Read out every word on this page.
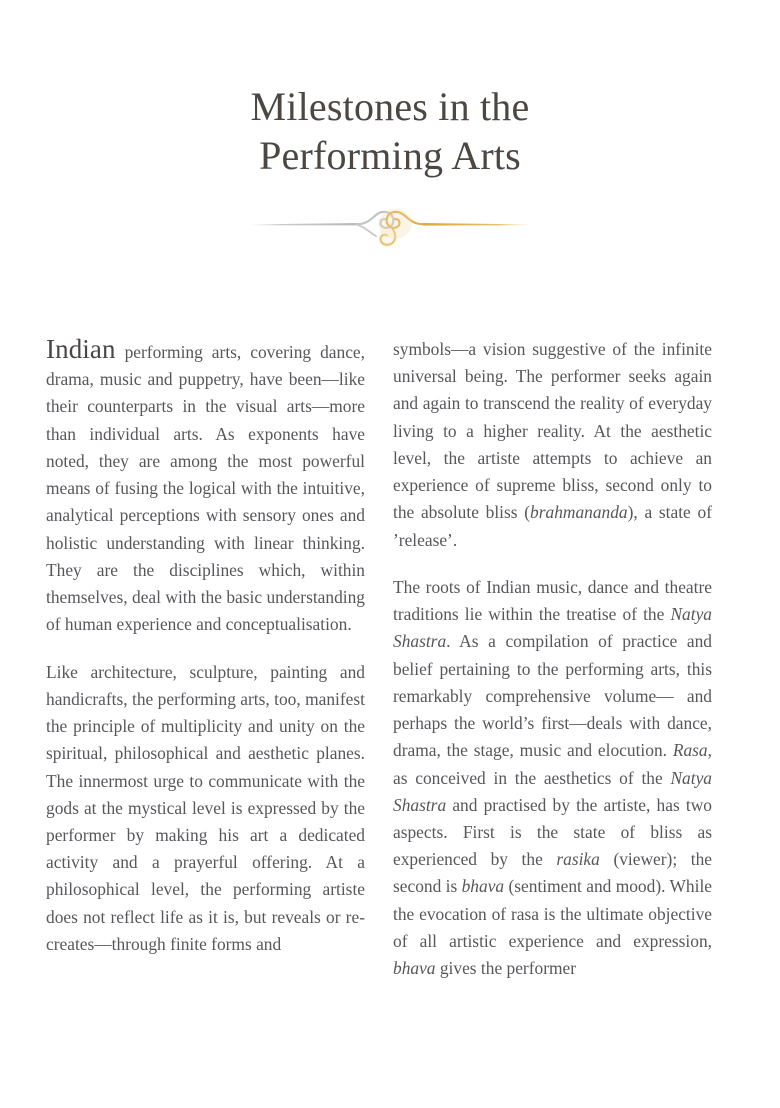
Milestones in the
Performing Arts

Indian performing arts, covering dance, drama, music and puppetry, have been—like their counterparts in the visual arts—more than individual arts. As exponents have noted, they are among the most powerful means of fusing the logical with the intuitive, analytical perceptions with sensory ones and holistic understanding with linear thinking. They are the disciplines which, within themselves, deal with the basic understanding of human experience and conceptualisation.

Like architecture, sculpture, painting and handicrafts, the performing arts, too, manifest the principle of multiplicity and unity on the spiritual, philosophical and aesthetic planes. The innermost urge to communicate with the gods at the mystical level is expressed by the performer by making his art a dedicated activity and a prayerful offering. At a philosophical level, the performing artiste does not reflect life as it is, but reveals or re-creates—through finite forms and

symbols—a vision suggestive of the infinite universal being. The performer seeks again and again to transcend the reality of everyday living to a higher reality. At the aesthetic level, the artiste attempts to achieve an experience of supreme bliss, second only to the absolute bliss (brahmananda), a state of ’release’.

The roots of Indian music, dance and theatre traditions lie within the treatise of the Natya Shastra. As a compilation of practice and belief pertaining to the performing arts, this remarkably comprehensive volume— and perhaps the world’s first—deals with dance, drama, the stage, music and elocution. Rasa, as conceived in the aesthetics of the Natya Shastra and practised by the artiste, has two aspects. First is the state of bliss as experienced by the rasika (viewer); the second is bhava (sentiment and mood). While the evocation of rasa is the ultimate objective of all artistic experience and expression, bhava gives the performer
